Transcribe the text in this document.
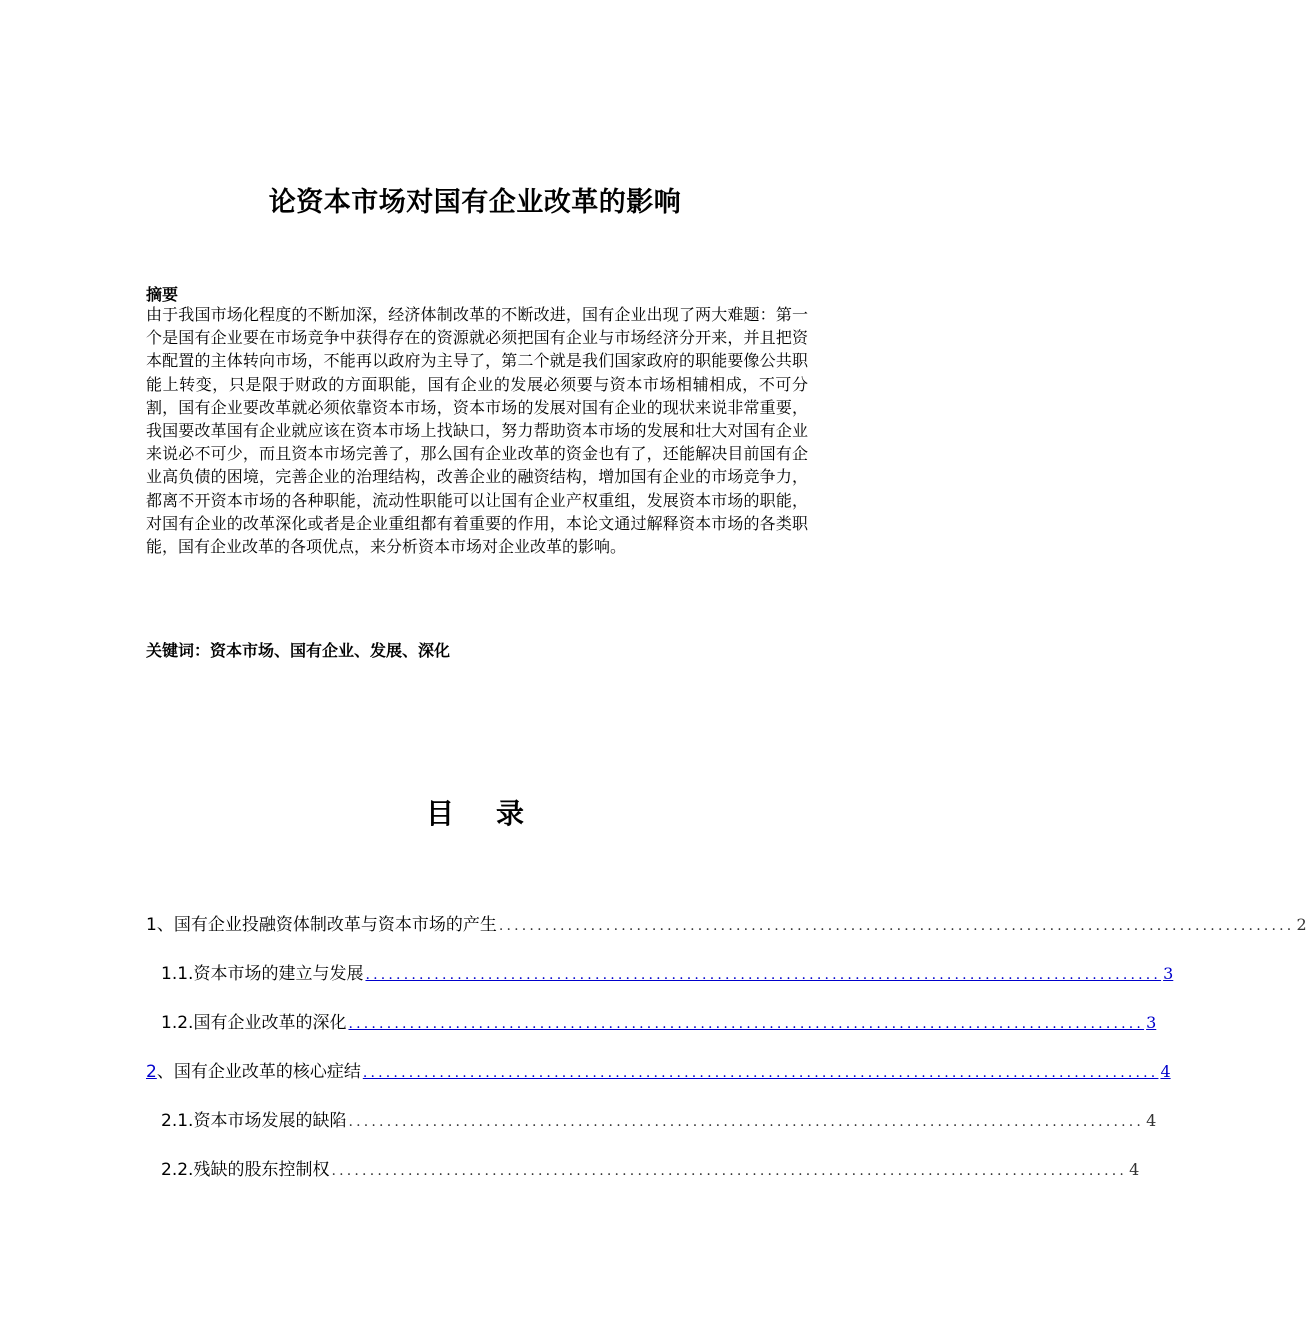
论资本市场对国有企业改革的影响
摘要
由于我国市场化程度的不断加深，经济体制改革的不断改进，国有企业出现了两大难题：第一个是国有企业要在市场竞争中获得存在的资源就必须把国有企业与市场经济分开来，并且把资本配置的主体转向市场，不能再以政府为主导了，第二个就是我们国家政府的职能要像公共职能上转变，只是限于财政的方面职能，国有企业的发展必须要与资本市场相辅相成，不可分割，国有企业要改革就必须依靠资本市场，资本市场的发展对国有企业的现状来说非常重要，我国要改革国有企业就应该在资本市场上找缺口，努力帮助资本市场的发展和壮大对国有企业来说必不可少，而且资本市场完善了，那么国有企业改革的资金也有了，还能解决目前国有企业高负债的困境，完善企业的治理结构，改善企业的融资结构，增加国有企业的市场竞争力，都离不开资本市场的各种职能，流动性职能可以让国有企业产权重组，发展资本市场的职能，对国有企业的改革深化或者是企业重组都有着重要的作用，本论文通过解释资本市场的各类职能，国有企业改革的各项优点，来分析资本市场对企业改革的影响。
关键词：资本市场、国有企业、发展、深化
目 录
1、国有企业投融资体制改革与资本市场的产生 ........................................................................................................ 2
1.1.资本市场的建立与发展 ........................................................................................................ 3
1.2.国有企业改革的深化 ........................................................................................................ 3
2、国有企业改革的核心症结 ........................................................................................................ 4
2.1.资本市场发展的缺陷 ........................................................................................................ 4
2.2.残缺的股东控制权 ........................................................................................................ 4
